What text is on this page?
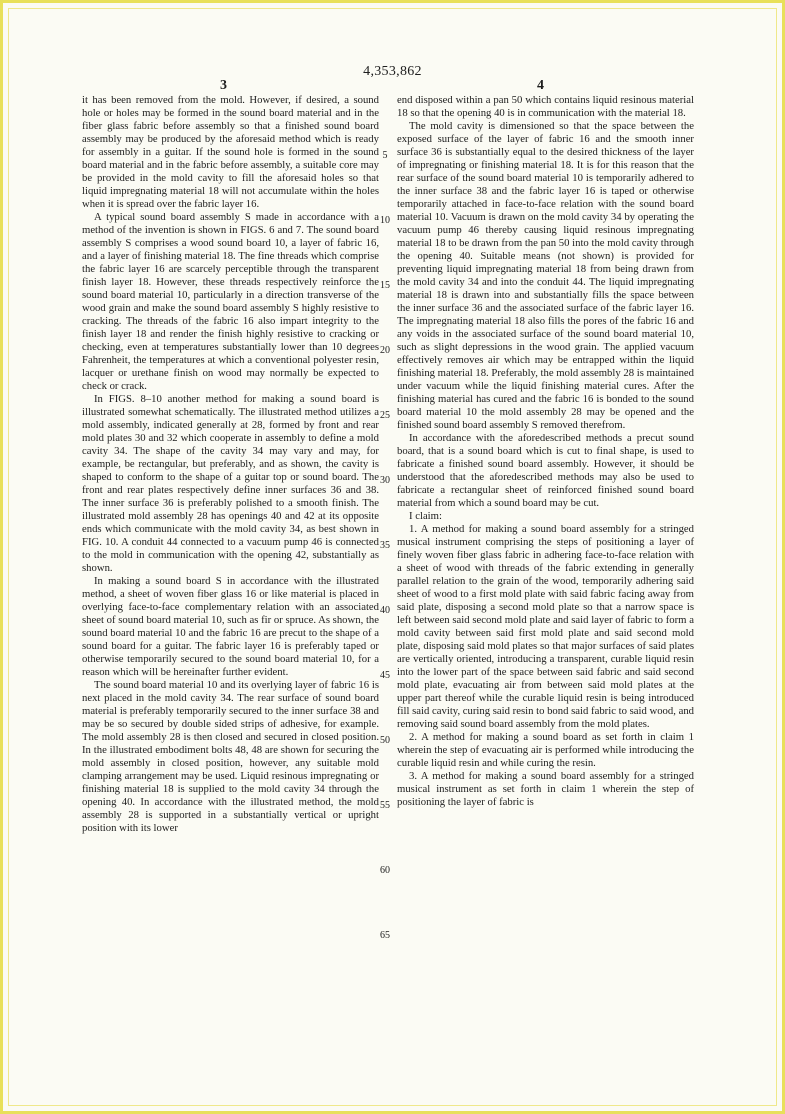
4,353,862
3	4

it has been removed from the mold. However, if desired, a sound hole or holes may be formed in the sound board material and in the fiber glass fabric before assembly so that a finished sound board assembly may be produced by the aforesaid method which is ready for assembly in a guitar. If the sound hole is formed in the sound board material and in the fabric before assembly, a suitable core may be provided in the mold cavity to fill the aforesaid holes so that liquid impregnating material 18 will not accumulate within the holes when it is spread over the fabric layer 16.

A typical sound board assembly S made in accordance with a method of the invention is shown in FIGS. 6 and 7. The sound board assembly S comprises a wood sound board 10, a layer of fabric 16, and a layer of finishing material 18. The fine threads which comprise the fabric layer 16 are scarcely perceptible through the transparent finish layer 18. However, these threads respectively reinforce the sound board material 10, particularly in a direction transverse of the wood grain and make the sound board assembly S highly resistive to cracking. The threads of the fabric 16 also impart integrity to the finish layer 18 and render the finish highly resistive to cracking or checking, even at temperatures substantially lower than 10 degrees Fahrenheit, the temperatures at which a conventional polyester resin, lacquer or urethane finish on wood may normally be expected to check or crack.

In FIGS. 8–10 another method for making a sound board is illustrated somewhat schematically. The illustrated method utilizes a mold assembly, indicated generally at 28, formed by front and rear mold plates 30 and 32 which cooperate in assembly to define a mold cavity 34. The shape of the cavity 34 may vary and may, for example, be rectangular, but preferably, and as shown, the cavity is shaped to conform to the shape of a guitar top or sound board. The front and rear plates respectively define inner surfaces 36 and 38. The inner surface 36 is preferably polished to a smooth finish. The illustrated mold assembly 28 has openings 40 and 42 at its opposite ends which communicate with the mold cavity 34, as best shown in FIG. 10. A conduit 44 connected to a vacuum pump 46 is connected to the mold in communication with the opening 42, substantially as shown.

In making a sound board S in accordance with the illustrated method, a sheet of woven fiber glass 16 or like material is placed in overlying face-to-face complementary relation with an associated sheet of sound board material 10, such as fir or spruce. As shown, the sound board material 10 and the fabric 16 are precut to the shape of a sound board for a guitar. The fabric layer 16 is preferably taped or otherwise temporarily secured to the sound board material 10, for a reason which will be hereinafter further evident.

The sound board material 10 and its overlying layer of fabric 16 is next placed in the mold cavity 34. The rear surface of sound board material is preferably temporarily secured to the inner surface 38 and may be so secured by double sided strips of adhesive, for example. The mold assembly 28 is then closed and secured in closed position. In the illustrated embodiment bolts 48, 48 are shown for securing the mold assembly in closed position, however, any suitable mold clamping arrangement may be used. Liquid resinous impregnating or finishing material 18 is supplied to the mold cavity 34 through the opening 40. In accordance with the illustrated method, the mold assembly 28 is supported in a substantially vertical or upright position with its lower

end disposed within a pan 50 which contains liquid resinous material 18 so that the opening 40 is in communication with the material 18.

The mold cavity is dimensioned so that the space between the exposed surface of the layer of fabric 16 and the smooth inner surface 36 is substantially equal to the desired thickness of the layer of impregnating or finishing material 18. It is for this reason that the rear surface of the sound board material 10 is temporarily adhered to the inner surface 38 and the fabric layer 16 is taped or otherwise temporarily attached in face-to-face relation with the sound board material 10. Vacuum is drawn on the mold cavity 34 by operating the vacuum pump 46 thereby causing liquid resinous impregnating material 18 to be drawn from the pan 50 into the mold cavity through the opening 40. Suitable means (not shown) is provided for preventing liquid impregnating material 18 from being drawn from the mold cavity 34 and into the conduit 44. The liquid impregnating material 18 is drawn into and substantially fills the space between the inner surface 36 and the associated surface of the fabric layer 16. The impregnating material 18 also fills the pores of the fabric 16 and any voids in the associated surface of the sound board material 10, such as slight depressions in the wood grain. The applied vacuum effectively removes air which may be entrapped within the liquid finishing material 18. Preferably, the mold assembly 28 is maintained under vacuum while the liquid finishing material cures. After the finishing material has cured and the fabric 16 is bonded to the sound board material 10 the mold assembly 28 may be opened and the finished sound board assembly S removed therefrom.

In accordance with the aforedescribed methods a precut sound board, that is a sound board which is cut to final shape, is used to fabricate a finished sound board assembly. However, it should be understood that the aforedescribed methods may also be used to fabricate a rectangular sheet of reinforced finished sound board material from which a sound board may be cut.

I claim:

1. A method for making a sound board assembly for a stringed musical instrument comprising the steps of positioning a layer of finely woven fiber glass fabric in adhering face-to-face relation with a sheet of wood with threads of the fabric extending in generally parallel relation to the grain of the wood, temporarily adhering said sheet of wood to a first mold plate with said fabric facing away from said plate, disposing a second mold plate so that a narrow space is left between said second mold plate and said layer of fabric to form a mold cavity between said first mold plate and said second mold plate, disposing said mold plates so that major surfaces of said plates are vertically oriented, introducing a transparent, curable liquid resin into the lower part of the space between said fabric and said second mold plate, evacuating air from between said mold plates at the upper part thereof while the curable liquid resin is being introduced fill said cavity, curing said resin to bond said fabric to said wood, and removing said sound board assembly from the mold plates.

2. A method for making a sound board as set forth in claim 1 wherein the step of evacuating air is performed while introducing the curable liquid resin and while curing the resin.

3. A method for making a sound board assembly for a stringed musical instrument as set forth in claim 1 wherein the step of positioning the layer of fabric is

5
10
15
20
25
30
35
40
45
50
55
60
65
